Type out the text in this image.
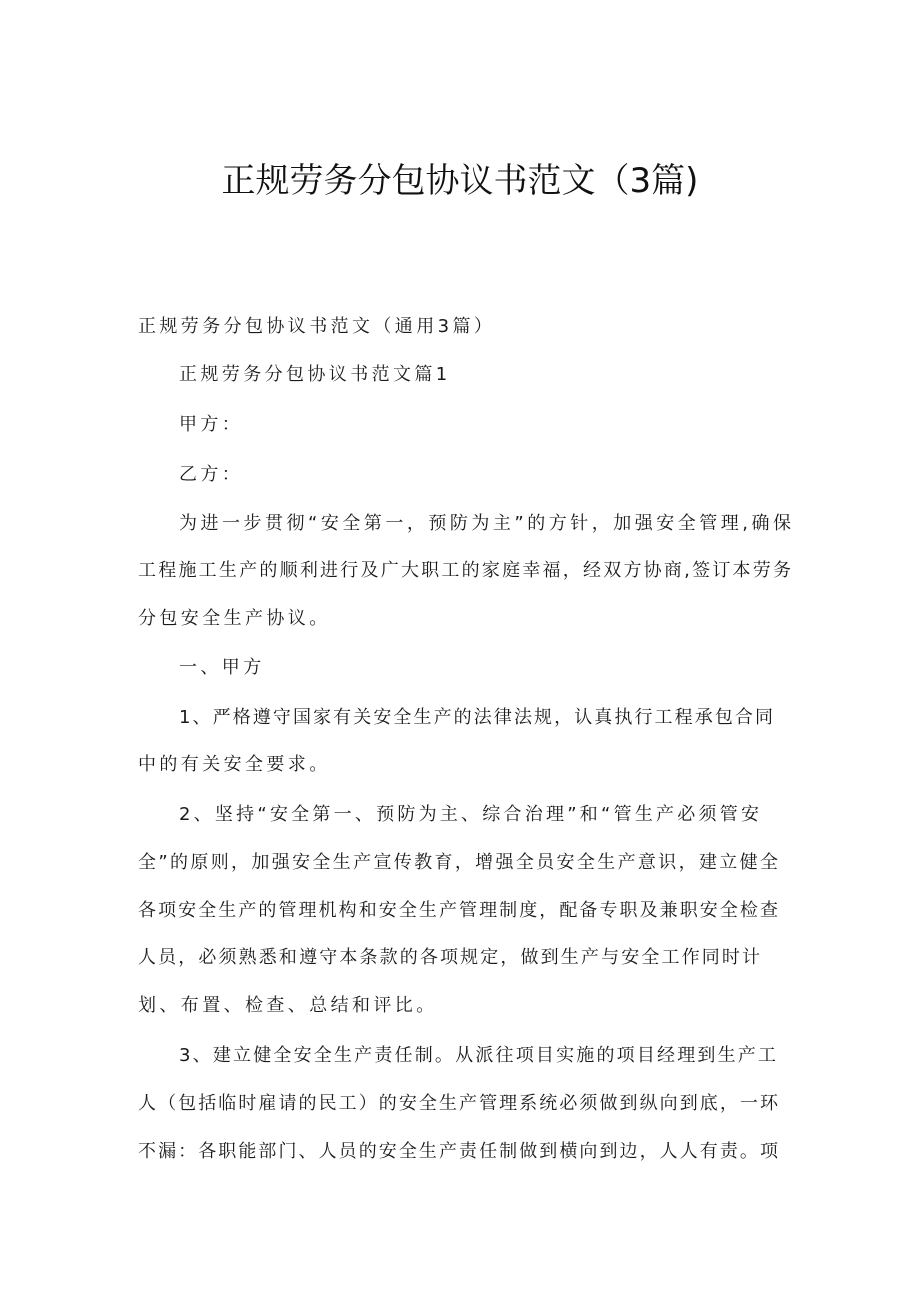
正规劳务分包协议书范文（3篇)
正规劳务分包协议书范文（通用3篇）
正规劳务分包协议书范文篇1
甲方：
乙方：
为进一步贯彻“安全第一，预防为主”的方针，加强安全管理,确保
工程施工生产的顺利进行及广大职工的家庭幸福，经双方协商,签订本劳务
分包安全生产协议。
一、甲方
1、严格遵守国家有关安全生产的法律法规，认真执行工程承包合同
中的有关安全要求。
2、坚持“安全第一、预防为主、综合治理”和“管生产必须管安
全”的原则，加强安全生产宣传教育，增强全员安全生产意识，建立健全
各项安全生产的管理机构和安全生产管理制度，配备专职及兼职安全检查
人员，必须熟悉和遵守本条款的各项规定，做到生产与安全工作同时计
划、布置、检查、总结和评比。
3、建立健全安全生产责任制。从派往项目实施的项目经理到生产工
人（包括临时雇请的民工）的安全生产管理系统必须做到纵向到底，一环
不漏：各职能部门、人员的安全生产责任制做到横向到边，人人有责。项
